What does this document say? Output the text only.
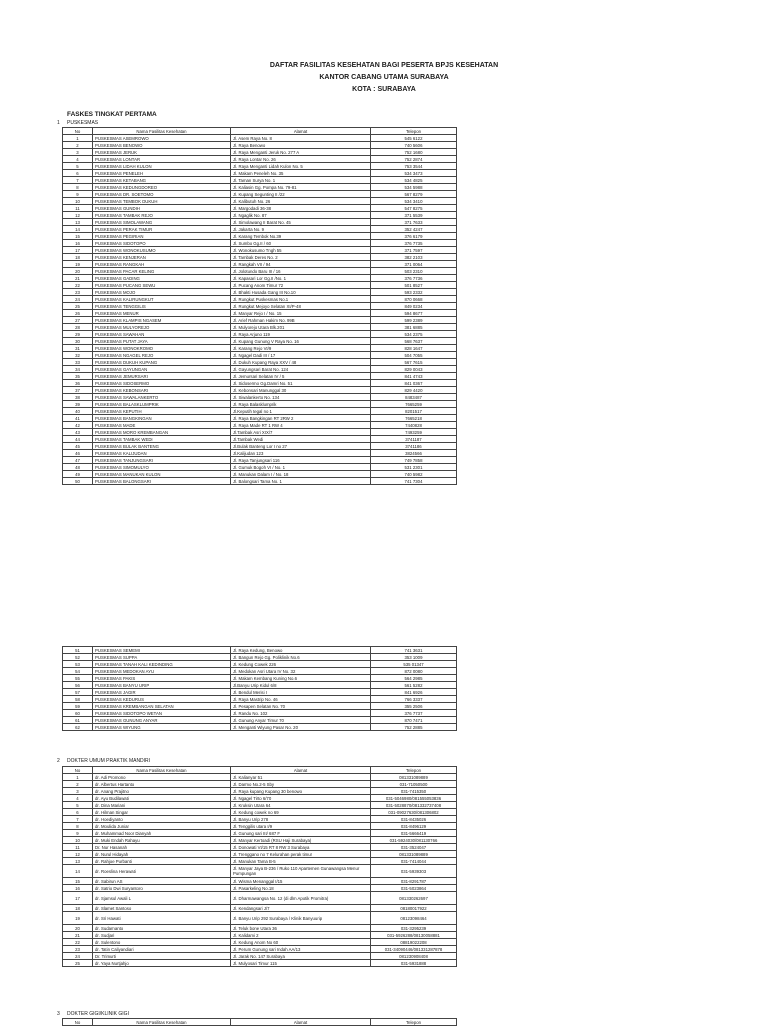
DAFTAR FASILITAS KESEHATAN BAGI PESERTA BPJS KESEHATAN
KANTOR CABANG UTAMA SURABAYA
KOTA : SURABAYA
FASKES TINGKAT PERTAMA
1 PUSKESMAS
No	Nama Fasilitas Kesehatan	Alamat	Telepon
1	PUSKESMAS ASEMROWO	Jl. Asem Raya No. 8	545 6122
2	PUSKESMAS BENOWO	Jl. Raya Benowo	740 5606
3	PUSKESMAS JERUK	Jl. Raya Menganti Jeruk No. 277 A	752 1680
4	PUSKESMAS LONTAR	Jl. Raya Lontar No. 26	752 2874
5	PUSKESMAS LIDAH KULON	Jl. Raya Menganti Lidah Kulon No. 5	753 3544
6	PUSKESMAS PENELEH	Jl. Makam Peneleh No. 35	534 3473
7	PUSKESMAS KETABANG	Jl. Taman Surya No. 1	534 4825
8	PUSKESMAS KEDUNGDOREO	Jl. Kaliasin Gg. Pompa No. 79-81	534 5988
9	PUSKESMAS DR. SOETOMO	Jl. Kupang Segunting II /22	567 8279
10	PUSKESMAS TEMBOK DUKUH	Jl. Kalibutuh No. 26	534 3410
11	PUSKESMAS GUNDIH	Jl. Margodadi 36-38	547 8275
12	PUSKESMAS TAMBAK REJO	Jl. Ngaglik No. 87	371 5539
13	PUSKESMAS SIMOLAWANG	Jl. Simolawang II Barat No. 45	371 7633
14	PUSKESMAS PERAK TIMUR	Jl. Jakarta No. 9	352 4247
15	PUSKESMAS PEGIRIAN	Jl. Karang Tembok No.39	376 6179
16	PUSKESMAS SIDOTOPO	Jl. Sumbo Gg.II / 60	376 7735
17	PUSKESMAS WONOKUSUMO	Jl. Wonokusumo Tngh 55	371 7597
18	PUSKESMAS KENJERAN	Jl. Tambak Deres No. 2	382 2103
19	PUSKESMAS RANGKAH	Jl. Rangkah VII / 94	371 0064
20	PUSKESMAS PACAR KELING	Jl. Jolotundo Baru III / 16	503 2310
21	PUSKESMAS GADING	Jl. Kapasari Lor Gg.II /No. 1	376 7736
22	PUSKESMAS PUCANG SEWU	Jl. Pucang Anom Timur 72	501 8527
23	PUSKESMAS MOJO	Jl. Bhakti Husada Gang III No.10	593 2332
24	PUSKESMAS KALIRUNGKUT	Jl. Rungkut Puskesmas No.1	870 0668
25	PUSKESMAS TENGGILIS	Jl. Rungkut Mejoyo Selatan XI/P-48	849 0234
26	PUSKESMAS MENUR	Jl. Manyar Rejo I / No. 15	594 8677
27	PUSKESMAS KLAMPIS NGASEM	Jl. Arief Rahman Hakim No. 99B	599 2389
28	PUSKESMAS MULYOREJO	Jl. Mulyorejo Utara Blk.201	381 6885
29	PUSKESMAS SAWAHAN	Jl. Raya Arjuno 119	534 2375
30	PUSKESMAS PUTAT JAYA	Jl. Kupang Gunung V Raya No. 16	568 7637
31	PUSKESMAS WONOKROMO	Jl. Karang Rejo VI/9	828 1647
32	PUSKESMAS NGAGEL REJO	Jl. Ngagel Dadi III / 17	504 7055
33	PUSKESMAS DUKUH KUPANG	Jl. Dukuh Kupang Raya XXV / 48	567 7615
34	PUSKESMAS GAYUNGAN	Jl. Gayungsari Barat No. 124	829 0043
35	PUSKESMAS JEMURSARI	Jl. Jemursari Selatan IV / 5	841 4743
36	PUSKESMAS SIDOSERMO	Jl. Sidosermo Gg.Damri No. 51	841 0367
37	PUSKESMAS KEBONSARI	Jl. Kebonsari Manunggal 30	829 4420
38	PUSKESMAS SAWALANKERTO	Jl. Siwalankerto No. 134	8483487
39	PUSKESMAS BALASKLUMPRIK	Jl. Raya Balasklumprik	7665259
40	PUSKESMAS KEPUTIH	Jl.Keputih tegal no 1	8201517
41	PUSKESMAS BANGKINGAN	Jl. Raya Bangkingan RT 2RW 2	7665218
42	PUSKESMAS MADE	Jl. Raya Made RT 1 RW 4	7440828
43	PUSKESMAS MORO KREMBANGAN	Jl.Tambak Asri XIX/7	7493259
44	PUSKESMAS TAMBAK WEDI	Jl.Tambak Wedi	3741187
45	PUSKESMAS BULAK BANTENG	Jl.Bulak Banteng Lor I no 27	3741186
46	PUSKESMAS KALIJUDAN	Jl.Kalijudan 123	3824566
47	PUSKESMAS TANJUNGSARI	Jl. Raya Tanjungsari 116	749 7858
48	PUSKESMAS SIMOMULYO	Jl. Gumuk Bogoh VI / No. 1	531 2301
49	PUSKESMAS MANUKAN KULON	Jl. Manukan Dalam I / No. 18	740 5982
50	PUSKESMAS BALONGSARI	Jl. Balongsari Tama No. 1	741 7304
51	PUSKESMAS SEMEMI	Jl. Raya Kedung, Benowo	741 3631
52	PUSKESMAS SUPPA	Jl. Bangun Rejo Gg. Poliklinik No.6	353 1009
53	PUSKESMAS TANAH KALI KEDINDING	Jl. Kedung Cowek 226	535 01347
54	PUSKESMAS MEDOKAN AYU	Jl. Medokan Asri Utara IV No. 32	872 0080
55	PUSKESMAS PAKIS	Jl. Makam Kembang Kuning No.6	564 2985
56	PUSKESMAS BANYU URIP	Jl.Banyu Urip Kidul 6/8	561 5282
57	PUSKESMAS JAGIR	Jl. Bendul Merisi I	841 6926
58	PUSKESMAS KEDURUS	Jl. Raya Mastrip No. 46	766 3337
59	PUSKESMAS KREMBANGAN SELATAN	Jl. Pesapen Selatan No. 70	355 2506
60	PUSKESMAS SIDOTOPO WETAN	Jl. Randu No. 102	376 7737
61	PUSKESMAS GUNUNG ANYAR	Jl. Gunung Anyar Timur 70	870 7471
62	PUSKESMAS WIYUNG	Jl. Menganti Wiyung Pasar No. 20	752 2885
2 DOKTER UMUM PRAKTIK MANDIRI
No	Nama Fasilitas Kesehatan	Alamat	Telepon
1	dr. Adi Promono	Jl. Kalianyar 51	081331089889
2	dr. Albertus Hartanto	Jl. Darmo No.2-5 Sby	031-71050500
3	dr. Anang Prajitno	Jl. Raya kupang Kupang 30 benowo	031-7415350
4	dr. Ayu Budilawati	Jl. Ngagel Tirto 6/70	031-5046980/081555053836
5	dr. Dina Mariani	Jl. Kruksin Utara 64	031-5028870/081332737408
6	dr. Hilman Singar	Jl. Kedung cowek no 69	031-09027630/081306802
7	dr. Hoediyanto	Jl. Banyu Urip 278	031-8435026
8	dr. Moulida Juniar	Jl. Tenggilis utara I/9	031-8496129
9	dr. Muhammad Noor Dianyah	Jl. Gunung sari III/ 687 F	031-5666419
10	dr. Muki Endah Rahayu	Jl. Manyar Kertoadi (RSU Haji Surabaya)	031-5924030/081130766
11	Dr. Nur Hasanah	Jl. Donowati VI/15 RT 8 RW 3 Surabaya	031-3524047
12	dr. Nurul Hidayah	Jl. Trenggano no 7 Kelurahan perak timur	081331089889
13	dr. Rahjoe Purbanti	Jl. Manukan Tama B-5	031-7414044
14	dr. Roeslina Herawati	Jl. Manyar Jaya B-236 / Ruko 110 Apartemen Gunawangsa Menur Pumpungan	031-5939303
15	dr. Sabirun AS	Jl. Wisma Menanggal I/15	031-8291787
16	dr. Satrio Dwi Suryantoro	Jl. Pasarkeling No.18	031-5023864
17	dr. Sjamsul Awali L	Jl. Dharmawangsa No. 12 (di dlm Apotik Promitra)	081330262697
18	dr. Slamet Santoso	Jl. Kendangsari J/7	08180017922
19	dr. Sri Hawati	Jl. Banyu Urip 292 Surabaya / Klinik Banyuurip	08123098464
20	dr. Sudarnanto	Jl. Teluk bone Utara 36	031-3295239
21	dr. Sudjari	Jl. Kalidami 2	031-5926288/08130058881
22	dr. Sulentono	Jl. Kedung Anom No 60	08819022208
23	dr. Tatin Caliyandiari	Jl. Perum Gunung sari Indah AA/13	031-34090446/081331287878
24	Dr. Trimurti	Jl. Jarak No. 147 Surabaya	081230908408
25	dr. Yaya Nurtjahjo	Jl. Mulyosari Timur 115	031-5931888
3 DOKTER GIGI/KLINIK GIGI
No	Nama Fasilitas Kesehatan	Alamat	Telepon
